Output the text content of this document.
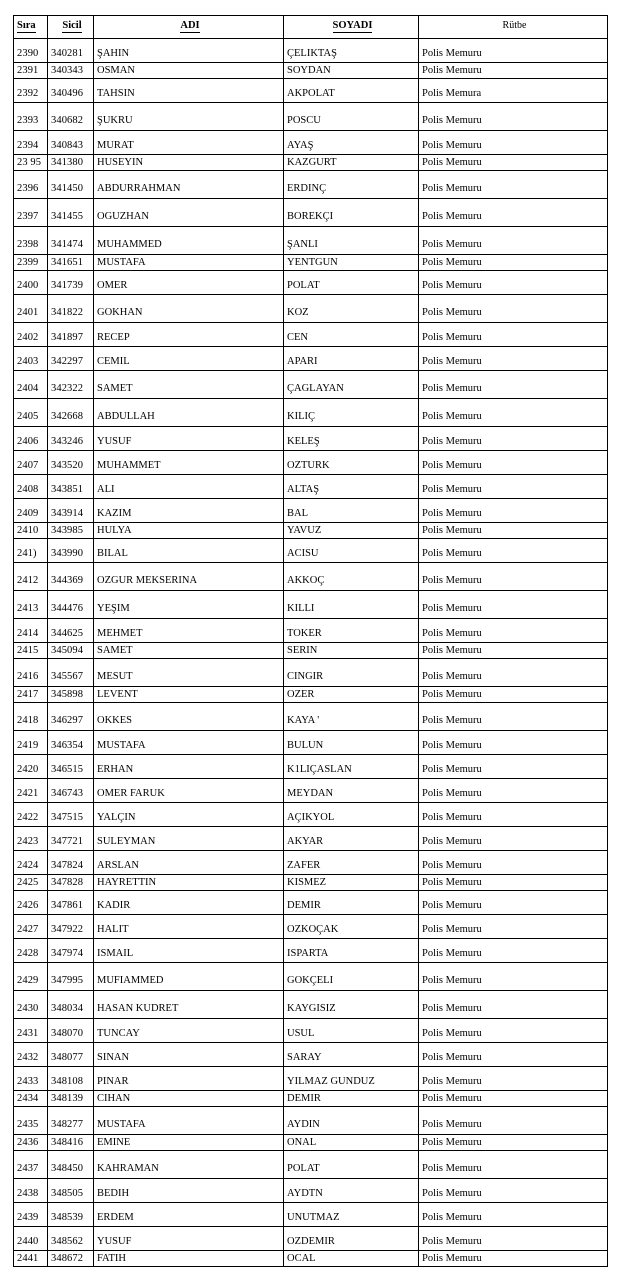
Sıra	Sicil	ADI	SOYADI	Rütbe
2390	340281	ŞAHIN	ÇELIKTAŞ	Polis Memuru
2391	340343	OSMAN	SOYDAN	Polis Memuru
2392	340496	TAHSIN	AKPOLAT	Polis Memura
2393	340682	ŞUKRU	POSCU	Polis Memuru
2394	340843	MURAT	AYAŞ	Polis Memuru
23 95	341380	HUSEYIN	KAZGURT	Polis Memuru
2396	341450	ABDURRAHMAN	ERDINÇ	Polis Memuru
2397	341455	OGUZHAN	BOREKÇI	Polis Memuru
2398	341474	MUHAMMED	ŞANLI	Polis Memuru
2399	341651	MUSTAFA	YENTGUN	Polis Memuru
2400	341739	OMER	POLAT	Polis Memuru
2401	341822	GOKHAN	KOZ	Polis Memuru
2402	341897	RECEP	CEN	Polis Memuru
2403	342297	CEMIL	APARI	Polis Memuru
2404	342322	SAMET	ÇAGLAYAN	Polis Memuru
2405	342668	ABDULLAH	KILIÇ	Polis Memuru
2406	343246	YUSUF	KELEŞ	Polis Memuru
2407	343520	MUHAMMET	OZTURK	Polis Memuru
2408	343851	ALI	ALTAŞ	Polis Memuru
2409	343914	KAZIM	BAL	Polis Memuru
2410	343985	HULYA	YAVUZ	Polis Memuru
241)	343990	BILAL	ACISU	Polis Memuru
2412	344369	OZGUR MEKSERINA	AKKOÇ	Polis Memuru
2413	344476	YEŞIM	KILLI	Polis Memuru
2414	344625	MEHMET	TOKER	Polis Memuru
2415	345094	SAMET	SERIN	Polis Memuru
2416	345567	MESUT	CINGIR	Polis Memuru
2417	345898	LEVENT	OZER	Polis Memuru
2418	346297	OKKES	KAYA '	Polis Memuru
2419	346354	MUSTAFA	BULUN	Polis Memuru
2420	346515	ERHAN	K1LIÇASLAN	Polis Memuru
2421	346743	OMER FARUK	MEYDAN	Polis Memuru
2422	347515	YALÇIN	AÇIKYOL	Polis Memuru
2423	347721	SULEYMAN	AKYAR	Polis Memuru
2424	347824	ARSLAN	ZAFER	Polis Memuru
2425	347828	HAYRETTIN	KISMEZ	Polis Memuru
2426	347861	KADIR	DEMIR	Polis Memuru
2427	347922	HALIT	OZKOÇAK	Polis Memuru
2428	347974	ISMAIL	ISPARTA	Polis Memuru
2429	347995	MUFIAMMED	GOKÇELI	Polis Memuru
2430	348034	HASAN KUDRET	KAYGISIZ	Polis Memuru
2431	348070	TUNCAY	USUL	Polis Memuru
2432	348077	SINAN	SARAY	Polis Memuru
2433	348108	PINAR	YILMAZ GUNDUZ	Polis Memuru
2434	348139	CIHAN	DEMIR	Polis Memuru
2435	348277	MUSTAFA	AYDIN	Polis Memuru
2436	348416	EMINE	ONAL	Polis Memuru
2437	348450	KAHRAMAN	POLAT	Polis Memuru
2438	348505	BEDIH	AYDTN	Polis Memuru
2439	348539	ERDEM	UNUTMAZ	Polis Memuru
2440	348562	YUSUF	OZDEMIR	Polis Memuru
2441	348672	FATIH	OCAL	Polis Memuru
